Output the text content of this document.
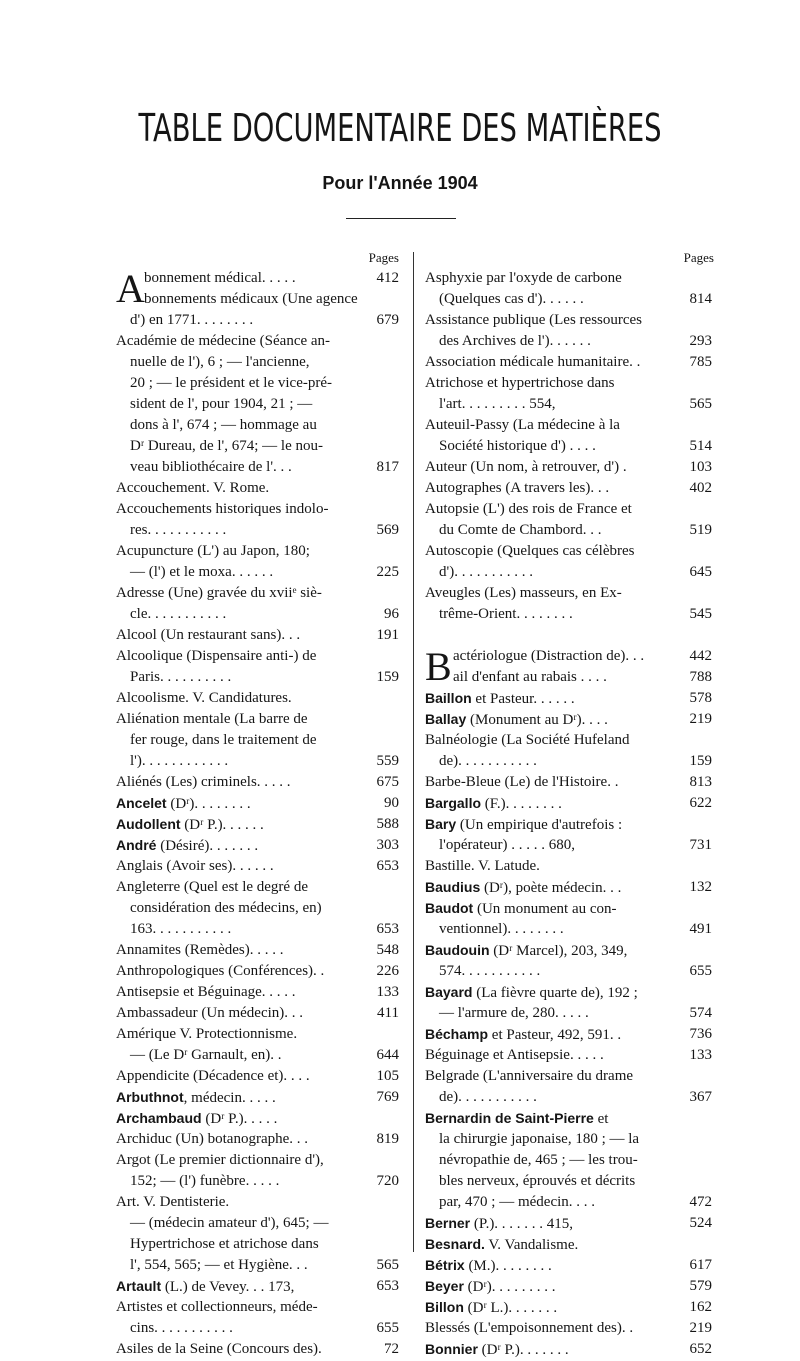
TABLE DOCUMENTAIRE DES MATIÈRES
Pour l'Année 1904
Pages
A bonnement médical. . . . .	412
bonnements médicaux (Une agence
d') en 1771. . . . . . . .	679
Académie de médecine (Séance an-
nuelle de l'), 6 ; — l'ancienne,
20 ; — le président et le vice-pré-
sident de l', pour 1904, 21 ; —
dons à l', 674 ; — hommage au
Dʳ Dureau, de l', 674; — le nou-
veau bibliothécaire de l'. . .	817
Accouchement. V. Rome.
Accouchements historiques indolo-
res. . . . . . . . . . .	569
Acupuncture (L') au Japon, 180;
— (l') et le moxa. . . . . .	225
Adresse (Une) gravée du xviiᵉ siè-
cle. . . . . . . . . . .	96
Alcool (Un restaurant sans). . .	191
Alcoolique (Dispensaire anti-) de
Paris. . . . . . . . . .	159
Alcoolisme. V. Candidatures.
Aliénation mentale (La barre de
fer rouge, dans le traitement de
l'). . . . . . . . . . . .	559
Aliénés (Les) criminels. . . . .	675
Ancelet (Dʳ). . . . . . . .	90
Audollent (Dʳ P.). . . . . .	588
André (Désiré). . . . . . .	303
Anglais (Avoir ses). . . . . .	653
Angleterre (Quel est le degré de
considération des médecins, en)
163. . . . . . . . . . .	653
Annamites (Remèdes). . . . .	548
Anthropologiques (Conférences). .	226
Antisepsie et Béguinage. . . . .	133
Ambassadeur (Un médecin). . .	411
Amérique V. Protectionnisme.
— (Le Dʳ Garnault, en). .	644
Appendicite (Décadence et). . . .	105
Arbuthnot, médecin. . . . .	769
Archambaud (Dʳ P.). . . . .
Archiduc (Un) botanographe. . .	819
Argot (Le premier dictionnaire d'),
152; — (l') funèbre. . . . .	720
Art. V. Dentisterie.
— (médecin amateur d'), 645; —
Hypertrichose et atrichose dans
l', 554, 565; — et Hygiène. . .	565
Artault (L.) de Vevey. . . 173,	653
Artistes et collectionneurs, méde-
cins. . . . . . . . . . .	655
Asiles de la Seine (Concours des).	72
Pages
Asphyxie par l'oxyde de carbone
(Quelques cas d'). . . . . .	814
Assistance publique (Les ressources
des Archives de l'). . . . . .	293
Association médicale humanitaire. .	785
Atrichose et hypertrichose dans
l'art. . . . . . . . . 554,	565
Auteuil-Passy (La médecine à la
Société historique d') . . . .	514
Auteur (Un nom, à retrouver, d') .	103
Autographes (A travers les). . .	402
Autopsie (L') des rois de France et
du Comte de Chambord. . .	519
Autoscopie (Quelques cas célèbres
d'). . . . . . . . . . .	645
Aveugles (Les) masseurs, en Ex-
trême-Orient. . . . . . . .	545
B actériologue (Distraction de). . .	442
ail d'enfant au rabais . . . .	788
Baillon et Pasteur. . . . . .	578
Ballay (Monument au Dʳ). . . .	219
Balnéologie (La Société Hufeland
de). . . . . . . . . . .	159
Barbe-Bleue (Le) de l'Histoire. .	813
Bargallo (F.). . . . . . . .	622
Bary (Un empirique d'autrefois :
l'opérateur) . . . . . 680,	731
Bastille. V. Latude.
Baudius (Dʳ), poète médecin. . .	132
Baudot (Un monument au con-
ventionnel). . . . . . . .	491
Baudouin (Dʳ Marcel), 203, 349,
574. . . . . . . . . . .	655
Bayard (La fièvre quarte de), 192 ;
— l'armure de, 280. . . . .	574
Béchamp et Pasteur, 492, 591. .	736
Béguinage et Antisepsie. . . . .	133
Belgrade (L'anniversaire du drame
de). . . . . . . . . . .	367
Bernardin de Saint-Pierre et
la chirurgie japonaise, 180 ; — la
névropathie de, 465 ; — les trou-
bles nerveux, éprouvés et décrits
par, 470 ; — médecin. . . .	472
Berner (P.). . . . . . . 415,	524
Besnard. V. Vandalisme.
Bétrix (M.). . . . . . . .	617
Beyer (Dʳ). . . . . . . . .	579
Billon (Dʳ L.). . . . . . .	162
Blessés (L'empoisonnement des). .	219
Bonnier (Dʳ P.). . . . . . .	652
